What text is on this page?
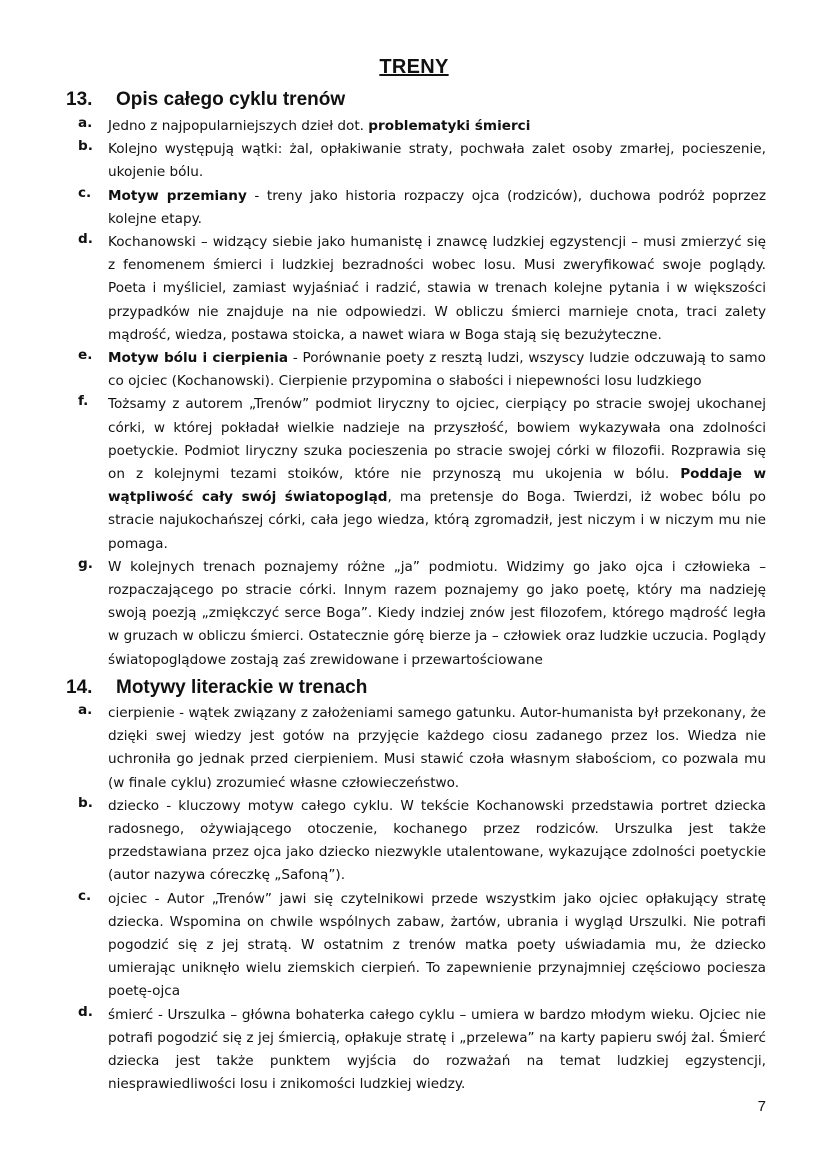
TRENY
13. Opis całego cyklu trenów
a. Jedno z najpopularniejszych dzieł dot. problematyki śmierci
b. Kolejno występują wątki: żal, opłakiwanie straty, pochwała zalet osoby zmarłej, pocieszenie, ukojenie bólu.
c. Motyw przemiany - treny jako historia rozpaczy ojca (rodziców), duchowa podróż poprzez kolejne etapy.
d. Kochanowski – widzący siebie jako humanistę i znawcę ludzkiej egzystencji – musi zmierzyć się z fenomenem śmierci i ludzkiej bezradności wobec losu. Musi zweryfikować swoje poglądy. Poeta i myśliciel, zamiast wyjaśniać i radzić, stawia w trenach kolejne pytania i w większości przypadków nie znajduje na nie odpowiedzi. W obliczu śmierci marnieje cnota, traci zalety mądrość, wiedza, postawa stoicka, a nawet wiara w Boga stają się bezużyteczne.
e. Motyw bólu i cierpienia - Porównanie poety z resztą ludzi, wszyscy ludzie odczuwają to samo co ojciec (Kochanowski). Cierpienie przypomina o słabości i niepewności losu ludzkiego
f. Tożsamy z autorem „Trenów” podmiot liryczny to ojciec, cierpiący po stracie swojej ukochanej córki, w której pokładał wielkie nadzieje na przyszłość, bowiem wykazywała ona zdolności poetyckie. Podmiot liryczny szuka pocieszenia po stracie swojej córki w filozofii. Rozprawia się on z kolejnymi tezami stoików, które nie przynoszą mu ukojenia w bólu. Poddaje w wątpliwość cały swój światopogląd, ma pretensje do Boga. Twierdzi, iż wobec bólu po stracie najukochańszej córki, cała jego wiedza, którą zgromadził, jest niczym i w niczym mu nie pomaga.
g. W kolejnych trenach poznajemy różne „ja” podmiotu. Widzimy go jako ojca i człowieka – rozpaczającego po stracie córki. Innym razem poznajemy go jako poetę, który ma nadzieję swoją poezją „zmiękczyć serce Boga”. Kiedy indziej znów jest filozofem, którego mądrość legła w gruzach w obliczu śmierci. Ostatecznie górę bierze ja – człowiek oraz ludzkie uczucia. Poglądy światopoglądowe zostają zaś zrewidowane i przewartościowane
14. Motywy literackie w trenach
a. cierpienie - wątek związany z założeniami samego gatunku. Autor-humanista był przekonany, że dzięki swej wiedzy jest gotów na przyjęcie każdego ciosu zadanego przez los. Wiedza nie uchroniła go jednak przed cierpieniem. Musi stawić czoła własnym słabościom, co pozwala mu (w finale cyklu) zrozumieć własne człowieczeństwo.
b. dziecko - kluczowy motyw całego cyklu. W tekście Kochanowski przedstawia portret dziecka radosnego, ożywiającego otoczenie, kochanego przez rodziców. Urszulka jest także przedstawiana przez ojca jako dziecko niezwykle utalentowane, wykazujące zdolności poetyckie (autor nazywa córeczkę „Safoną”).
c. ojciec - Autor „Trenów” jawi się czytelnikowi przede wszystkim jako ojciec opłakujący stratę dziecka. Wspomina on chwile wspólnych zabaw, żartów, ubrania i wygląd Urszulki. Nie potrafi pogodzić się z jej stratą. W ostatnim z trenów matka poety uświadamia mu, że dziecko umierając uniknęło wielu ziemskich cierpień. To zapewnienie przynajmniej częściowo pociesza poetę-ojca
d. śmierć - Urszulka – główna bohaterka całego cyklu – umiera w bardzo młodym wieku. Ojciec nie potrafi pogodzić się z jej śmiercią, opłakuje stratę i „przelewa” na karty papieru swój żal. Śmierć dziecka jest także punktem wyjścia do rozważań na temat ludzkiej egzystencji, niesprawiedliwości losu i znikomości ludzkiej wiedzy.
7
